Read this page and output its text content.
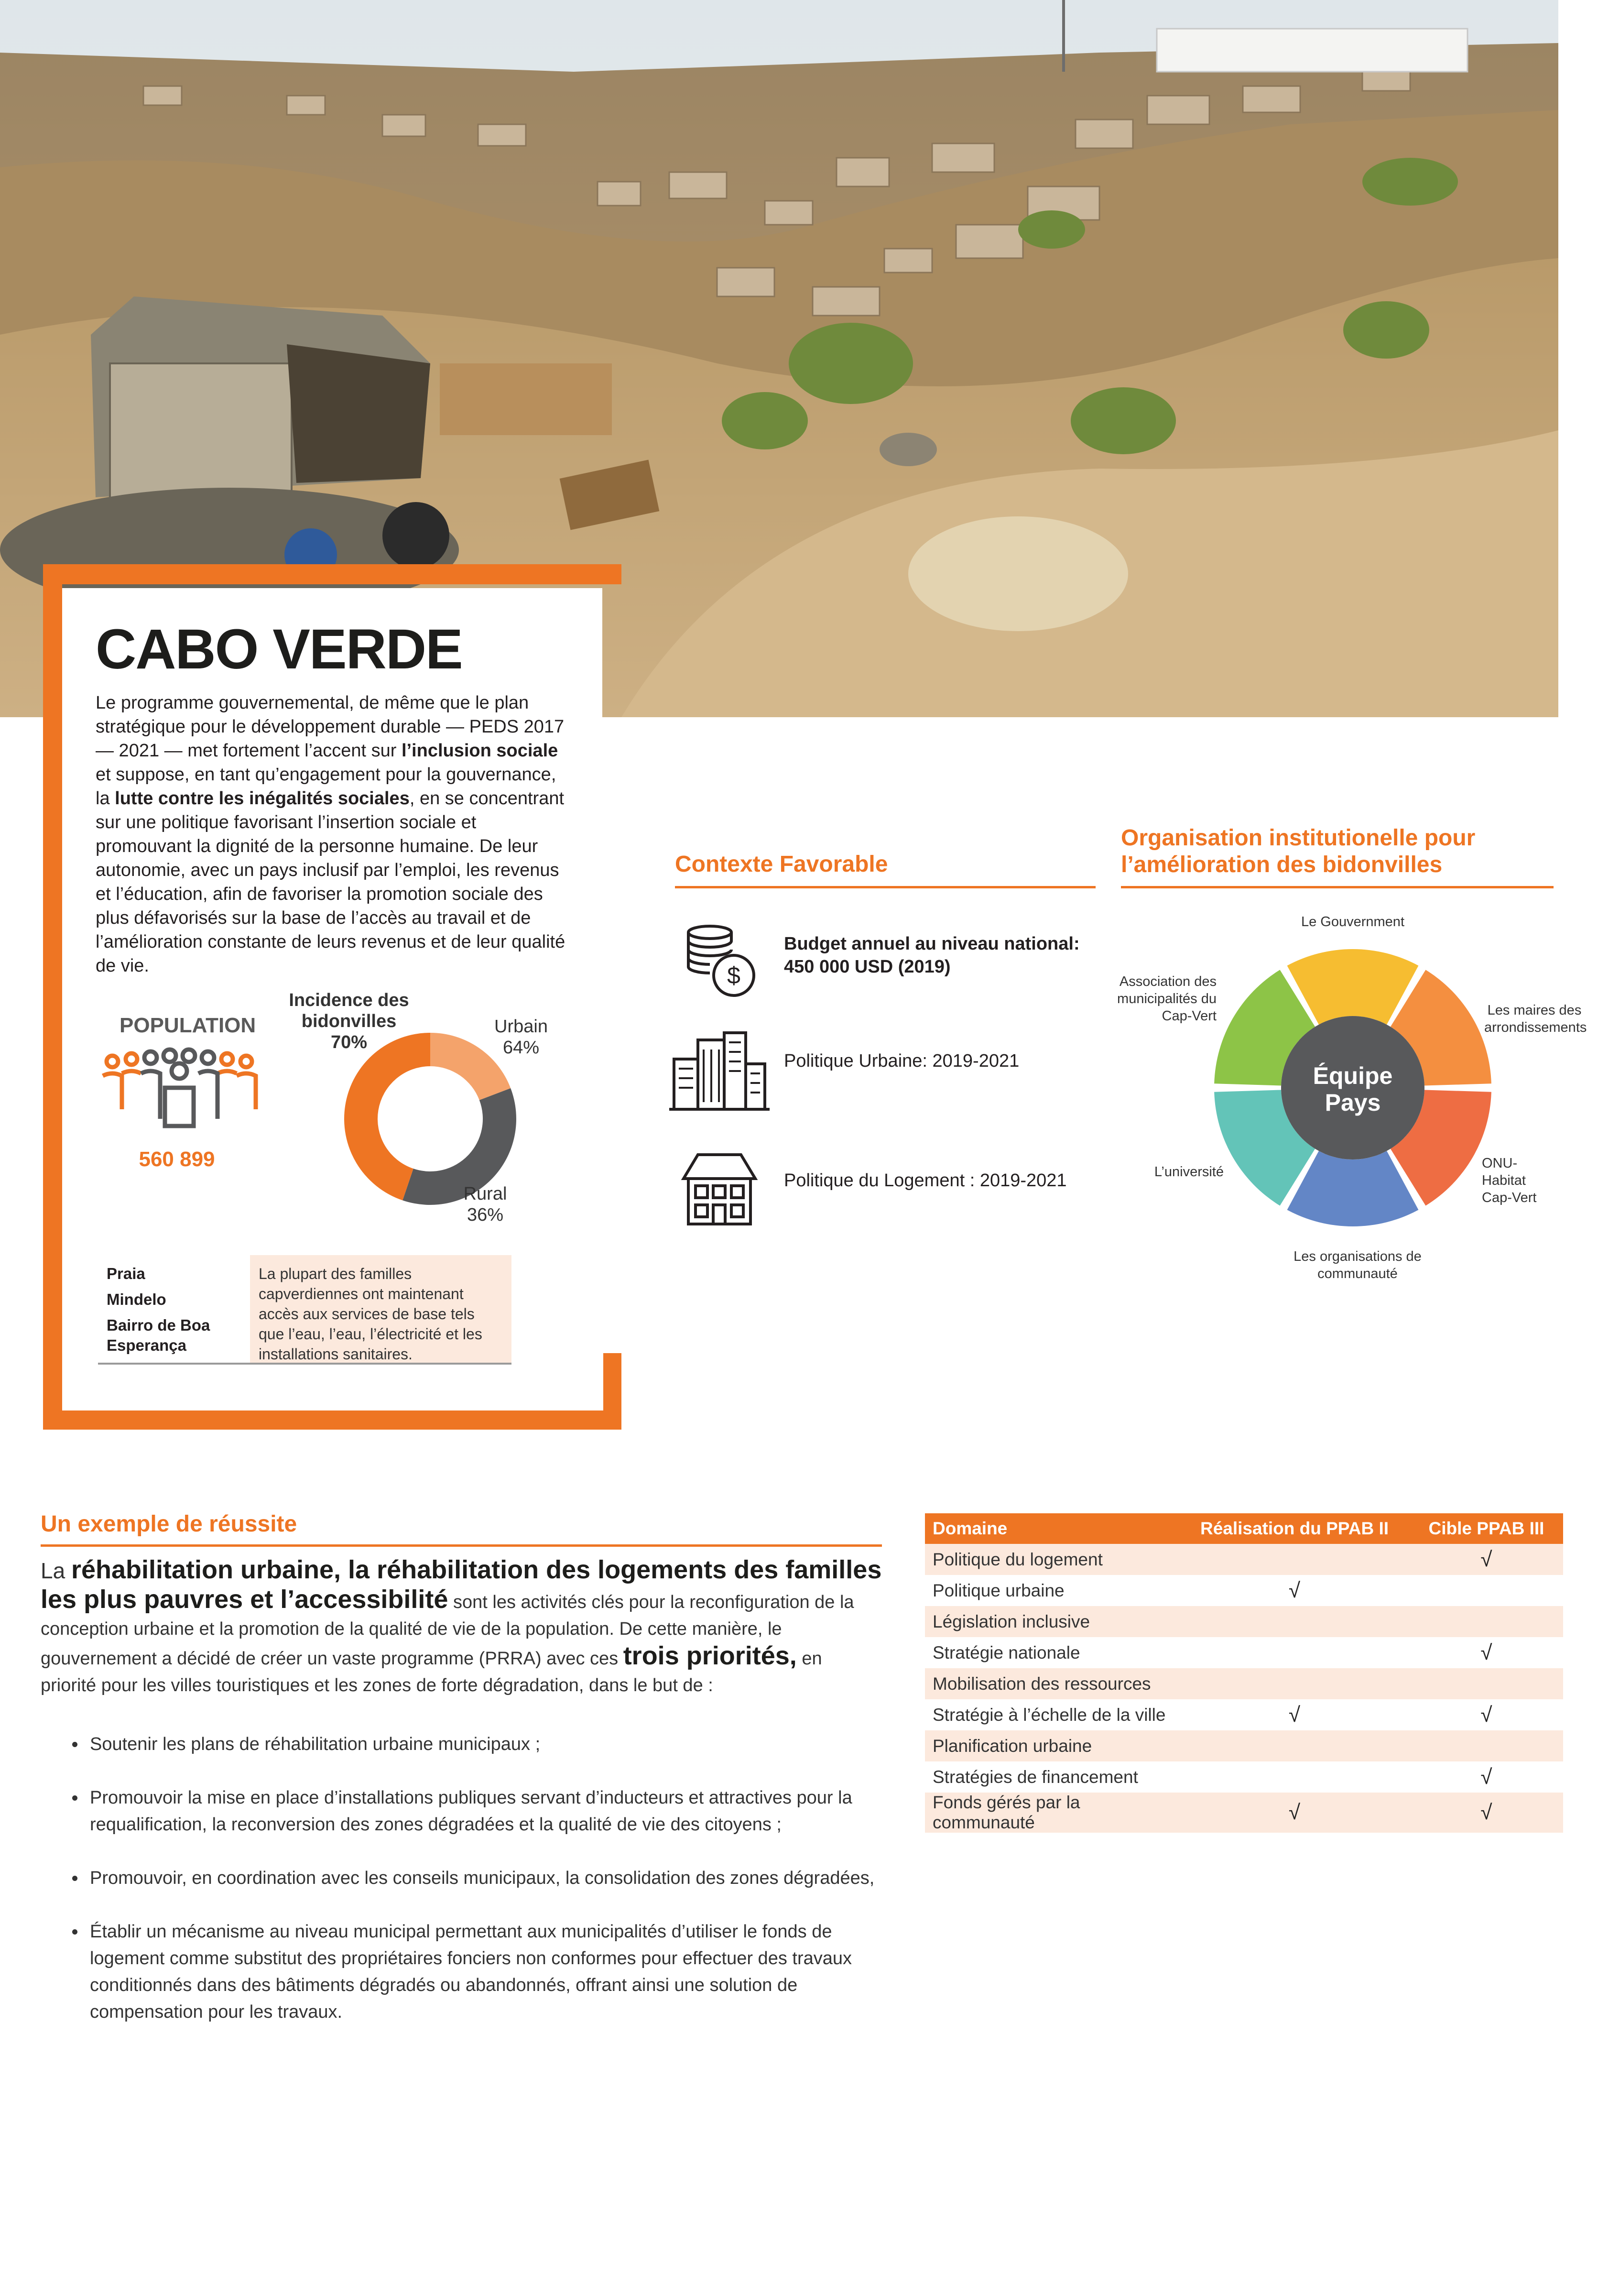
CABO VERDE
Le programme gouvernemental, de même que le plan stratégique pour le développement durable — PEDS 2017 — 2021 — met fortement l’accent sur l’inclusion sociale et suppose, en tant qu’engagement pour la gouvernance, la lutte contre les inégalités sociales, en se concentrant sur une politique favorisant l’insertion sociale et promouvant la dignité de la personne humaine. De leur autonomie, avec un pays inclusif par l’emploi, les revenus et l’éducation, afin de favoriser la promotion sociale des plus défavorisés sur la base de l’accès au travail et de l’amélioration constante de leurs revenus et de leur qualité de vie.
POPULATION
560 899
Incidence des bidonvilles
70%
Urbain
64%
Rural
36%
Praia
Mindelo
Bairro de Boa Esperança
La plupart des familles capverdiennes ont maintenant accès aux services de base tels que l’eau, l’eau, l’électricité et les installations sanitaires.
Contexte Favorable
$
Budget annuel au niveau national: 450 000 USD (2019)
Politique Urbaine: 2019-2021
Politique du Logement : 2019-2021
Organisation institutionelle pour l’amélioration des bidonvilles
Équipe
Pays
Le Gouvernment
Les maires des arrondissements
ONU-Habitat Cap-Vert
Les organisations de communauté
L’université
Association des municipalités du Cap-Vert
Un exemple de réussite
La réhabilitation urbaine, la réhabilitation des logements des familles les plus pauvres et l’accessibilité sont les activités clés pour la reconfiguration de la conception urbaine et la promotion de la qualité de vie de la population. De cette manière, le gouvernement a décidé de créer un vaste programme (PRRA) avec ces trois priorités, en priorité pour les villes touristiques et les zones de forte dégradation, dans le but de :
• Soutenir les plans de réhabilitation urbaine municipaux ;
• Promouvoir la mise en place d’installations publiques servant d’inducteurs et attractives pour la requalification, la reconversion des zones dégradées et la qualité de vie des citoyens ;
• Promouvoir, en coordination avec les conseils municipaux, la consolidation des zones dégradées,
• Établir un mécanisme au niveau municipal permettant aux municipalités d’utiliser le fonds de logement comme substitut des propriétaires fonciers non conformes pour effectuer des travaux conditionnés dans des bâtiments dégradés ou abandonnés, offrant ainsi une solution de compensation pour les travaux.
Domaine	Réalisation du PPAB II	Cible PPAB III
Politique du logement		√
Politique urbaine	√	
Législation inclusive		
Stratégie nationale		√
Mobilisation des ressources		
Stratégie à l’échelle de la ville	√	√
Planification urbaine		
Stratégies de financement		√
Fonds gérés par la communauté	√	√
